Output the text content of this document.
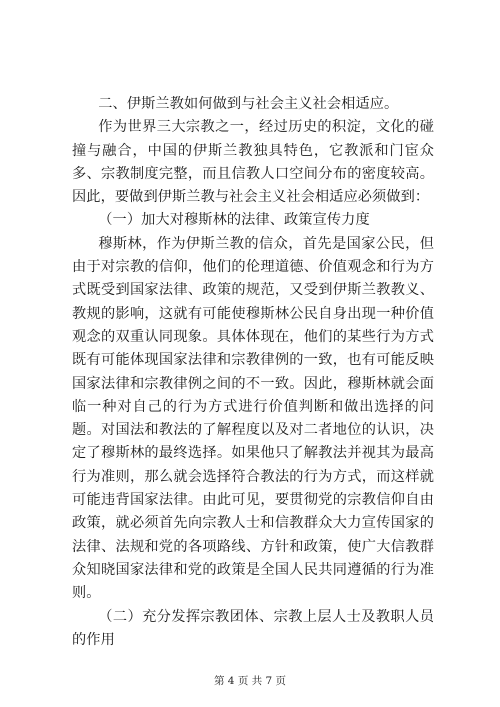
二、伊斯兰教如何做到与社会主义社会相适应。

作为世界三大宗教之一，经过历史的积淀，文化的碰撞与融合，中国的伊斯兰教独具特色，它教派和门宦众多、宗教制度完整，而且信教人口空间分布的密度较高。因此，要做到伊斯兰教与社会主义社会相适应必须做到：

（一）加大对穆斯林的法律、政策宣传力度

穆斯林，作为伊斯兰教的信众，首先是国家公民，但由于对宗教的信仰，他们的伦理道德、价值观念和行为方式既受到国家法律、政策的规范，又受到伊斯兰教教义、教规的影响，这就有可能使穆斯林公民自身出现一种价值观念的双重认同现象。具体体现在，他们的某些行为方式既有可能体现国家法律和宗教律例的一致，也有可能反映国家法律和宗教律例之间的不一致。因此，穆斯林就会面临一种对自己的行为方式进行价值判断和做出选择的问题。对国法和教法的了解程度以及对二者地位的认识，决定了穆斯林的最终选择。如果他只了解教法并视其为最高行为准则，那么就会选择符合教法的行为方式，而这样就可能违背国家法律。由此可见，要贯彻党的宗教信仰自由政策，就必须首先向宗教人士和信教群众大力宣传国家的法律、法规和党的各项路线、方针和政策，使广大信教群众知晓国家法律和党的政策是全国人民共同遵循的行为准则。

（二）充分发挥宗教团体、宗教上层人士及教职人员的作用

第 4 页 共 7 页
